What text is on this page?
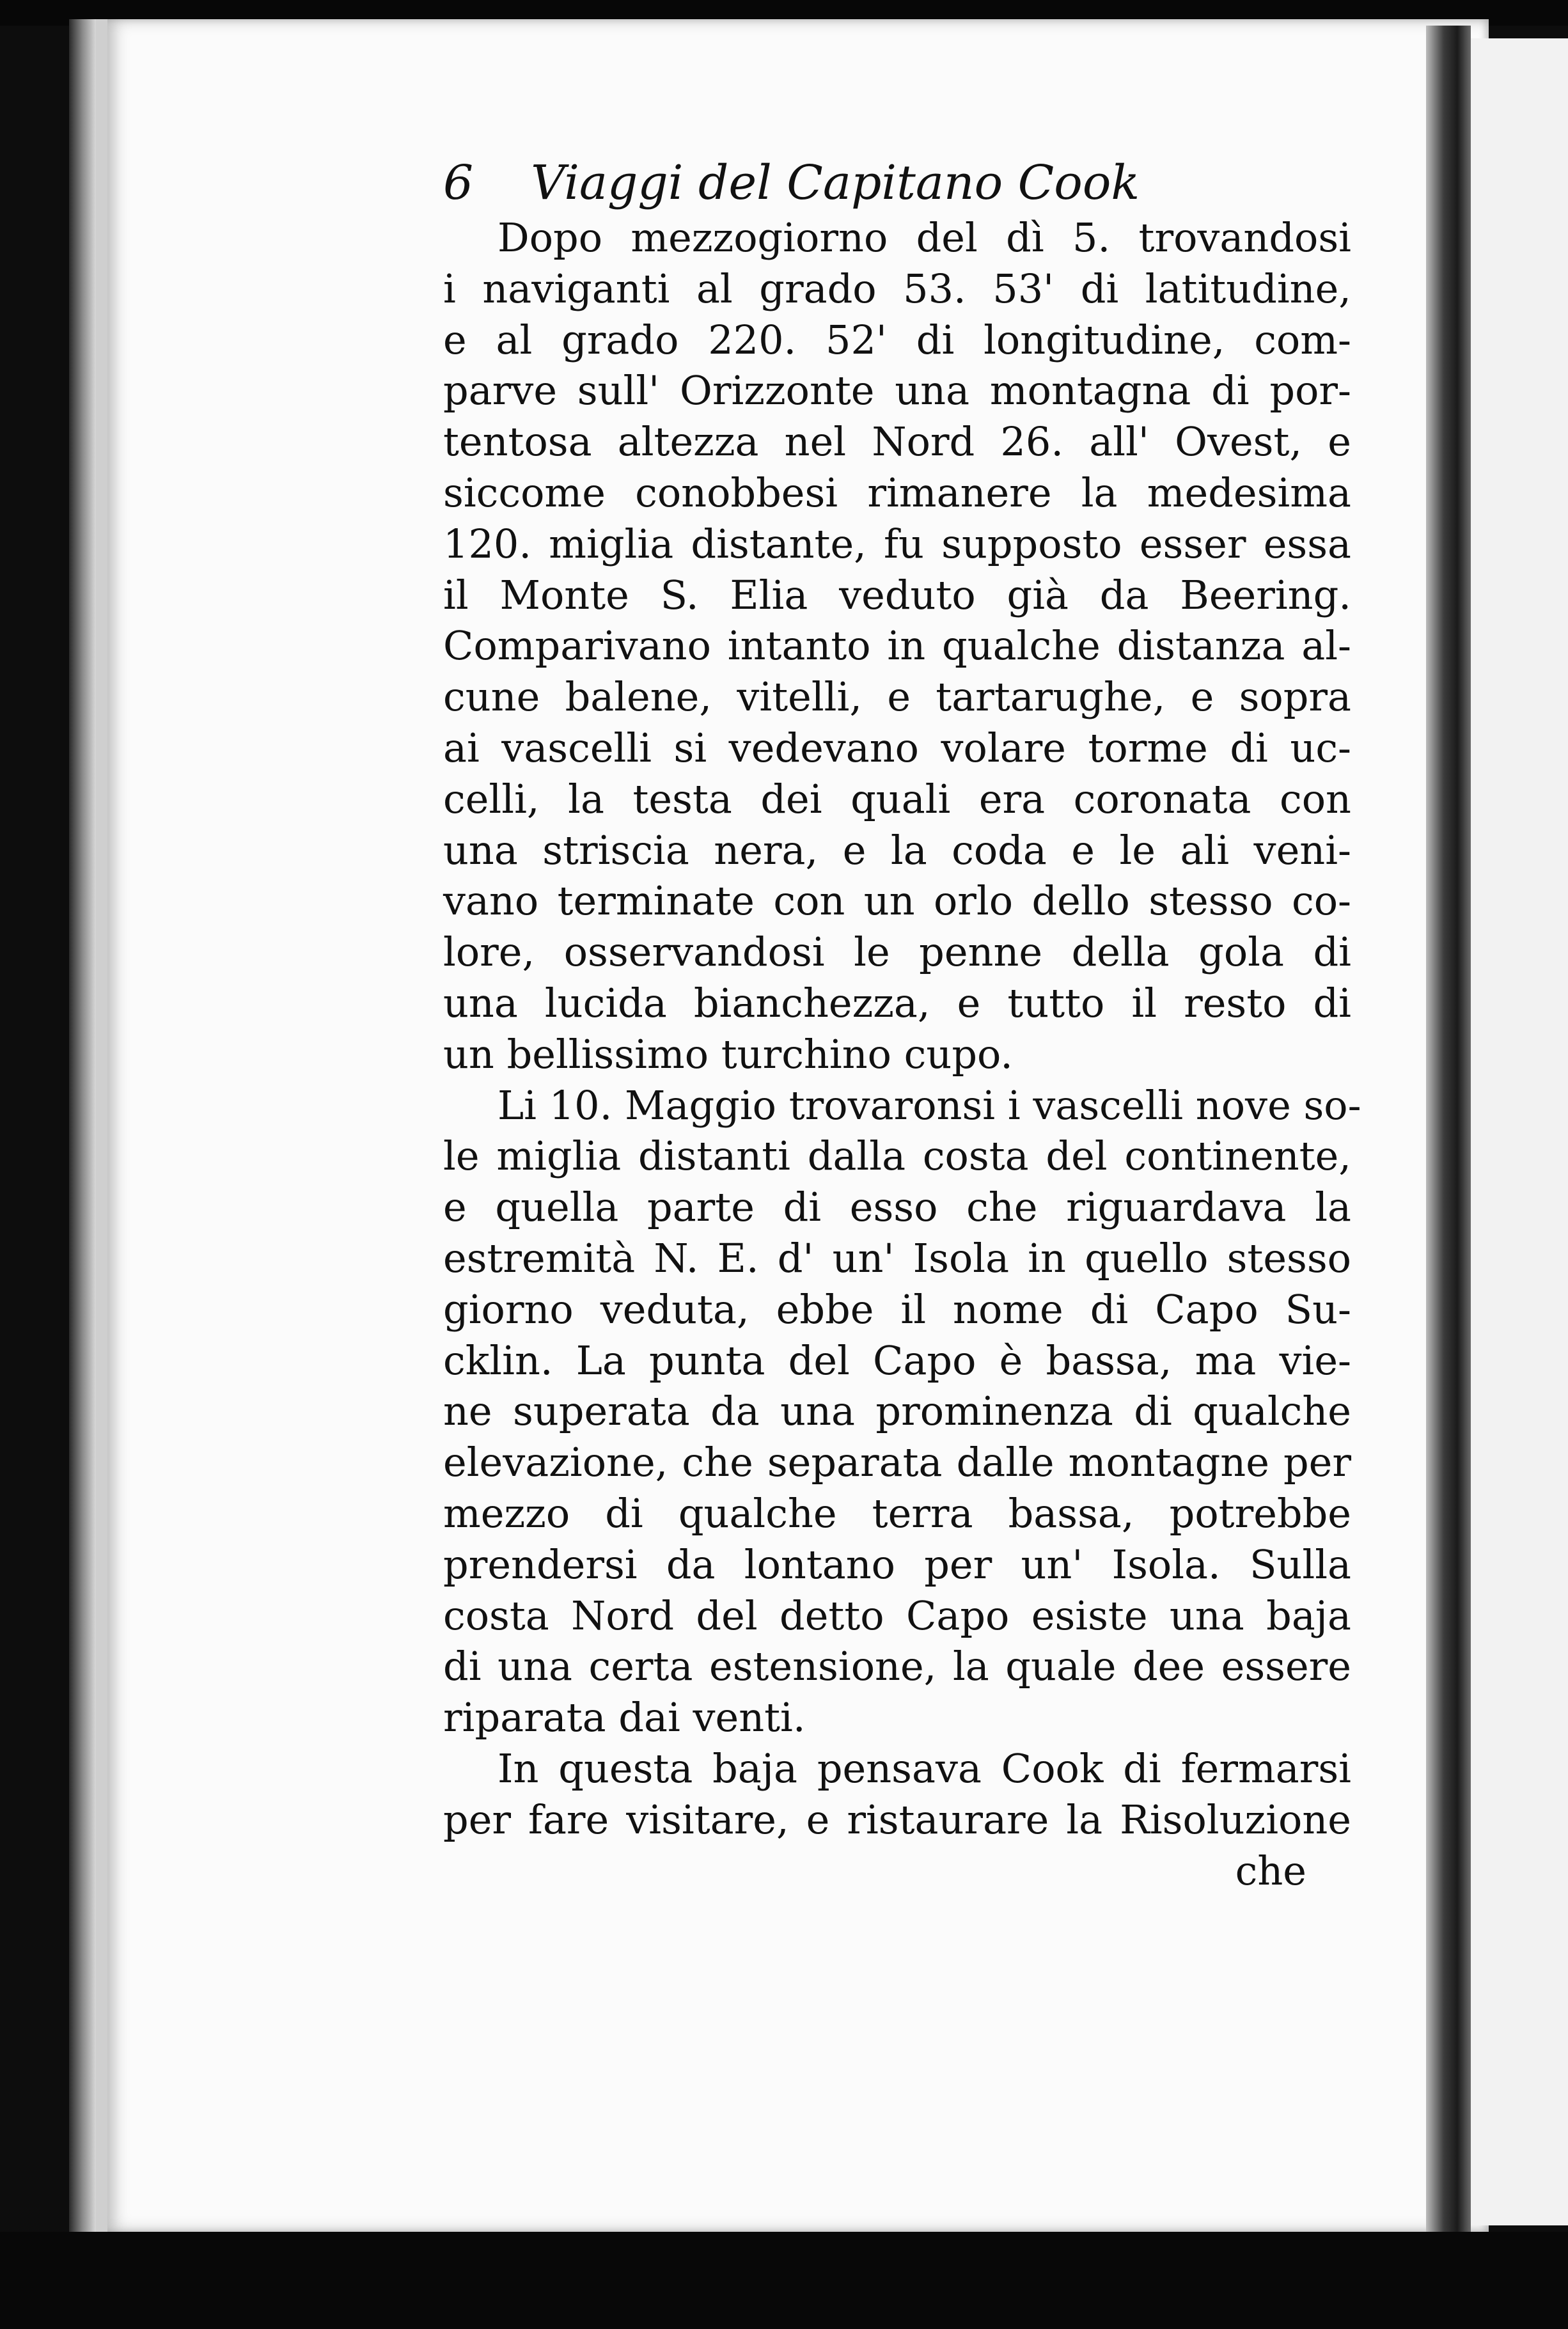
6 Viaggi del Capitano Cook
Dopo mezzogiorno del dì 5. trovandosi
i naviganti al grado 53. 53' di latitudine,
e al grado 220. 52' di longitudine, com-
parve sull' Orizzonte una montagna di por-
tentosa altezza nel Nord 26. all' Ovest, e
siccome conobbesi rimanere la medesima
120. miglia distante, fu supposto esser essa
il Monte S. Elia veduto già da Beering.
Comparivano intanto in qualche distanza al-
cune balene, vitelli, e tartarughe, e sopra
ai vascelli si vedevano volare torme di uc-
celli, la testa dei quali era coronata con
una striscia nera, e la coda e le ali veni-
vano terminate con un orlo dello stesso co-
lore, osservandosi le penne della gola di
una lucida bianchezza, e tutto il resto di
un bellissimo turchino cupo.
Li 10. Maggio trovaronsi i vascelli nove so-
le miglia distanti dalla costa del continente,
e quella parte di esso che riguardava la
estremità N. E. d' un' Isola in quello stesso
giorno veduta, ebbe il nome di Capo Su-
cklin. La punta del Capo è bassa, ma vie-
ne superata da una prominenza di qualche
elevazione, che separata dalle montagne per
mezzo di qualche terra bassa, potrebbe
prendersi da lontano per un' Isola. Sulla
costa Nord del detto Capo esiste una baja
di una certa estensione, la quale dee essere
riparata dai venti.
In questa baja pensava Cook di fermarsi
per fare visitare, e ristaurare la Risoluzione
che
